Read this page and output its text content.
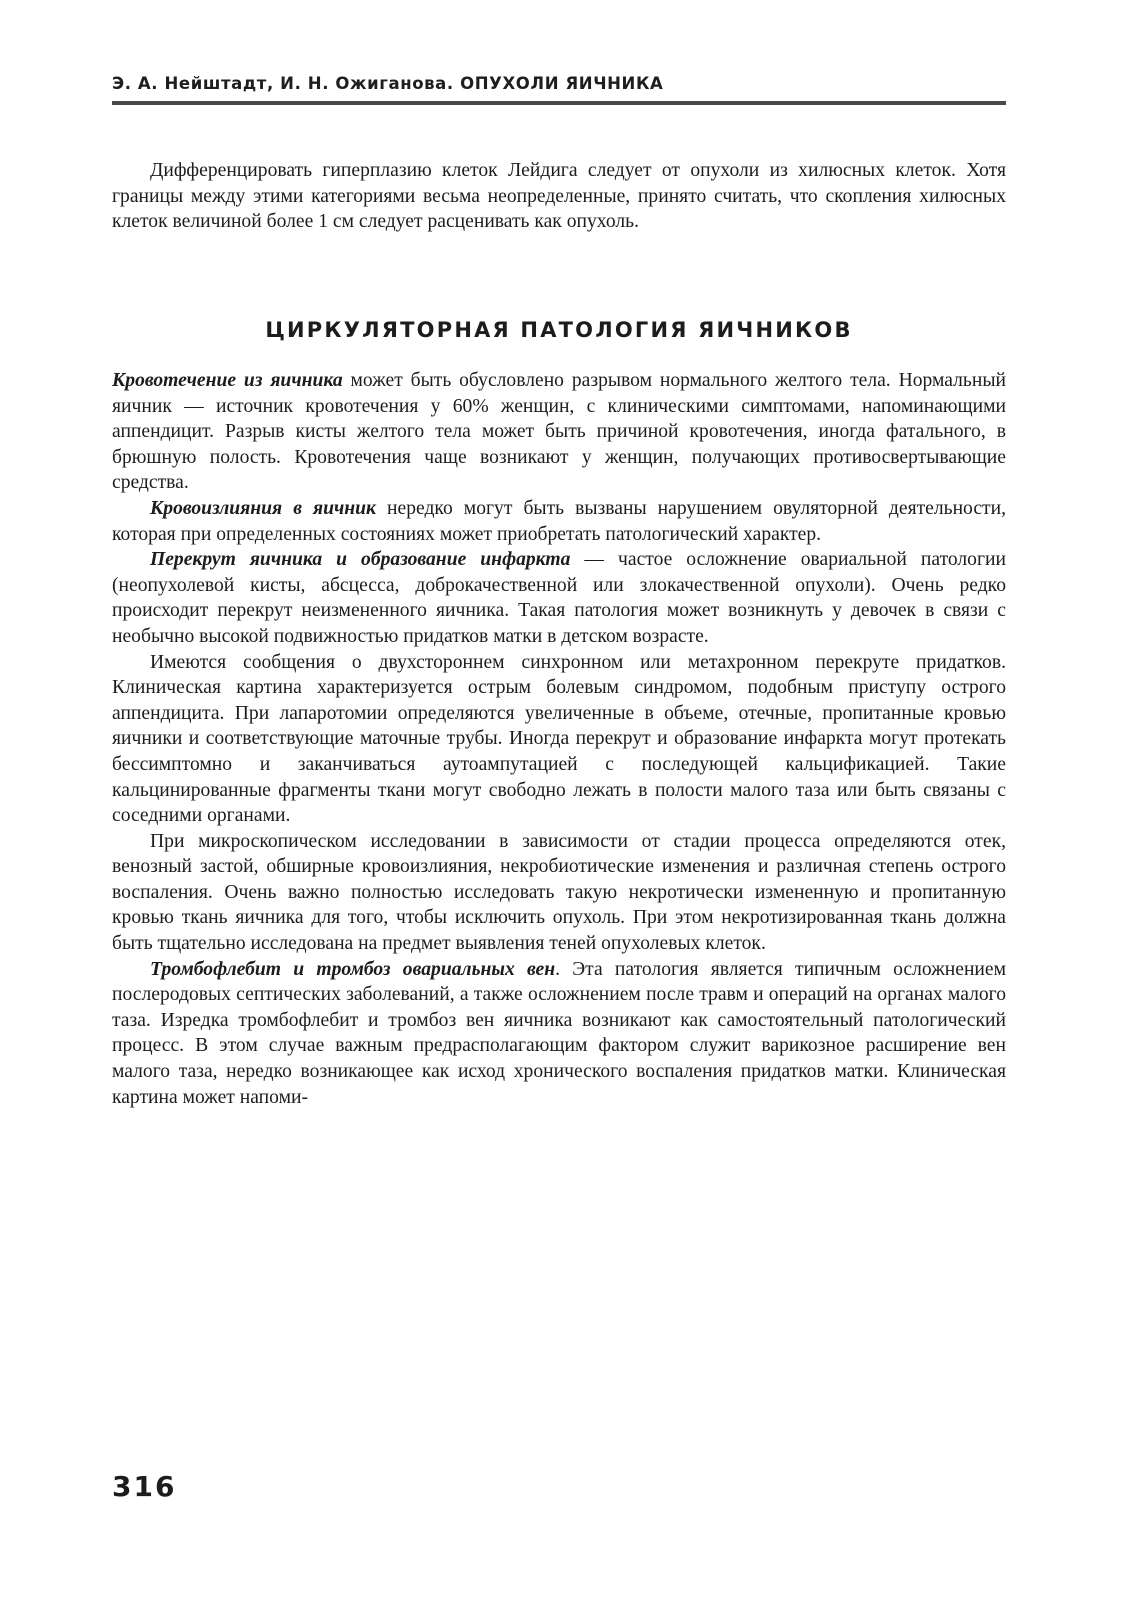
Э. А. Нейштадт, И. Н. Ожиганова. ОПУХОЛИ ЯИЧНИКА

Дифференцировать гиперплазию клеток Лейдига следует от опухоли из хилюсных клеток. Хотя границы между этими категориями весьма неопределенные, принято считать, что скопления хилюсных клеток величиной более 1 см следует расценивать как опухоль.

ЦИРКУЛЯТОРНАЯ ПАТОЛОГИЯ ЯИЧНИКОВ

Кровотечение из яичника может быть обусловлено разрывом нормального желтого тела. Нормальный яичник — источник кровотечения у 60% женщин, с клиническими симптомами, напоминающими аппендицит. Разрыв кисты желтого тела может быть причиной кровотечения, иногда фатального, в брюшную полость. Кровотечения чаще возникают у женщин, получающих противосвертывающие средства.

Кровоизлияния в яичник нередко могут быть вызваны нарушением овуляторной деятельности, которая при определенных состояниях может приобретать патологический характер.

Перекрут яичника и образование инфаркта — частое осложнение овариальной патологии (неопухолевой кисты, абсцесса, доброкачественной или злокачественной опухоли). Очень редко происходит перекрут неизмененного яичника. Такая патология может возникнуть у девочек в связи с необычно высокой подвижностью придатков матки в детском возрасте.

Имеются сообщения о двухстороннем синхронном или метахронном перекруте придатков. Клиническая картина характеризуется острым болевым синдромом, подобным приступу острого аппендицита. При лапаротомии определяются увеличенные в объеме, отечные, пропитанные кровью яичники и соответствующие маточные трубы. Иногда перекрут и образование инфаркта могут протекать бессимптомно и заканчиваться аутоампутацией с последующей кальцификацией. Такие кальцинированные фрагменты ткани могут свободно лежать в полости малого таза или быть связаны с соседними органами.

При микроскопическом исследовании в зависимости от стадии процесса определяются отек, венозный застой, обширные кровоизлияния, некробиотические изменения и различная степень острого воспаления. Очень важно полностью исследовать такую некротически измененную и пропитанную кровью ткань яичника для того, чтобы исключить опухоль. При этом некротизированная ткань должна быть тщательно исследована на предмет выявления теней опухолевых клеток.

Тромбофлебит и тромбоз овариальных вен. Эта патология является типичным осложнением послеродовых септических заболеваний, а также осложнением после травм и операций на органах малого таза. Изредка тромбофлебит и тромбоз вен яичника возникают как самостоятельный патологический процесс. В этом случае важным предрасполагающим фактором служит варикозное расширение вен малого таза, нередко возникающее как исход хронического воспаления придатков матки. Клиническая картина может напоми-

316
